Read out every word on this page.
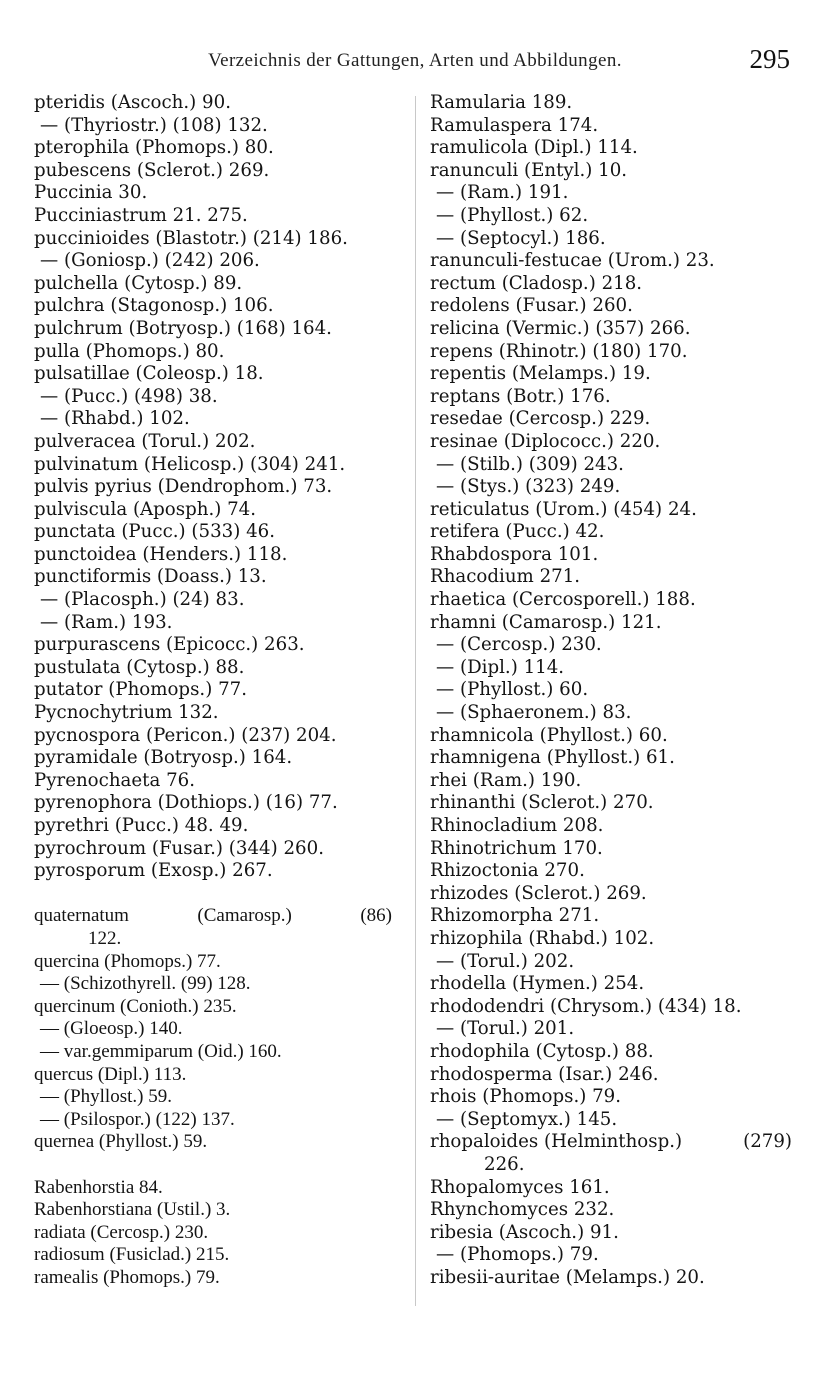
Verzeichnis der Gattungen, Arten und Abbildungen.	295
pteridis (Ascoch.) 90.
— (Thyriostr.) (108) 132.
pterophila (Phomops.) 80.
pubescens (Sclerot.) 269.
Puccinia 30.
Pucciniastrum 21. 275.
puccinioides (Blastotr.) (214) 186.
— (Goniosp.) (242) 206.
pulchella (Cytosp.) 89.
pulchra (Stagonosp.) 106.
pulchrum (Botryosp.) (168) 164.
pulla (Phomops.) 80.
pulsatillae (Coleosp.) 18.
— (Pucc.) (498) 38.
— (Rhabd.) 102.
pulveracea (Torul.) 202.
pulvinatum (Helicosp.) (304) 241.
pulvis pyrius (Dendrophom.) 73.
pulviscula (Aposph.) 74.
punctata (Pucc.) (533) 46.
punctoidea (Henders.) 118.
punctiformis (Doass.) 13.
— (Placosph.) (24) 83.
— (Ram.) 193.
purpurascens (Epicocc.) 263.
pustulata (Cytosp.) 88.
putator (Phomops.) 77.
Pycnochytrium 132.
pycnospora (Pericon.) (237) 204.
pyramidale (Botryosp.) 164.
Pyrenochaeta 76.
pyrenophora (Dothiops.) (16) 77.
pyrethri (Pucc.) 48. 49.
pyrochroum (Fusar.) (344) 260.
pyrosporum (Exosp.) 267.
quaternatum	(Camarosp.)	(86)
122.
quercina (Phomops.) 77.
— (Schizothyrell. (99) 128.
quercinum (Conioth.) 235.
— (Gloeosp.) 140.
— var.gemmiparum (Oid.) 160.
quercus (Dipl.) 113.
— (Phyllost.) 59.
— (Psilospor.) (122) 137.
quernea (Phyllost.) 59.
Rabenhorstia 84.
Rabenhorstiana (Ustil.) 3.
radiata (Cercosp.) 230.
radiosum (Fusiclad.) 215.
ramealis (Phomops.) 79.
Ramularia 189.
Ramulaspera 174.
ramulicola (Dipl.) 114.
ranunculi (Entyl.) 10.
— (Ram.) 191.
— (Phyllost.) 62.
— (Septocyl.) 186.
ranunculi-festucae (Urom.) 23.
rectum (Cladosp.) 218.
redolens (Fusar.) 260.
relicina (Vermic.) (357) 266.
repens (Rhinotr.) (180) 170.
repentis (Melamps.) 19.
reptans (Botr.) 176.
resedae (Cercosp.) 229.
resinae (Diplococc.) 220.
— (Stilb.) (309) 243.
— (Stys.) (323) 249.
reticulatus (Urom.) (454) 24.
retifera (Pucc.) 42.
Rhabdospora 101.
Rhacodium 271.
rhaetica (Cercosporell.) 188.
rhamni (Camarosp.) 121.
— (Cercosp.) 230.
— (Dipl.) 114.
— (Phyllost.) 60.
— (Sphaeronem.) 83.
rhamnicola (Phyllost.) 60.
rhamnigena (Phyllost.) 61.
rhei (Ram.) 190.
rhinanthi (Sclerot.) 270.
Rhinocladium 208.
Rhinotrichum 170.
Rhizoctonia 270.
rhizodes (Sclerot.) 269.
Rhizomorpha 271.
rhizophila (Rhabd.) 102.
— (Torul.) 202.
rhodella (Hymen.) 254.
rhododendri (Chrysom.) (434) 18.
— (Torul.) 201.
rhodophila (Cytosp.) 88.
rhodosperma (Isar.) 246.
rhois (Phomops.) 79.
— (Septomyx.) 145.
rhopaloides (Helminthosp.)	(279)
226.
Rhopalomyces 161.
Rhynchomyces 232.
ribesia (Ascoch.) 91.
— (Phomops.) 79.
ribesii-auritae (Melamps.) 20.
